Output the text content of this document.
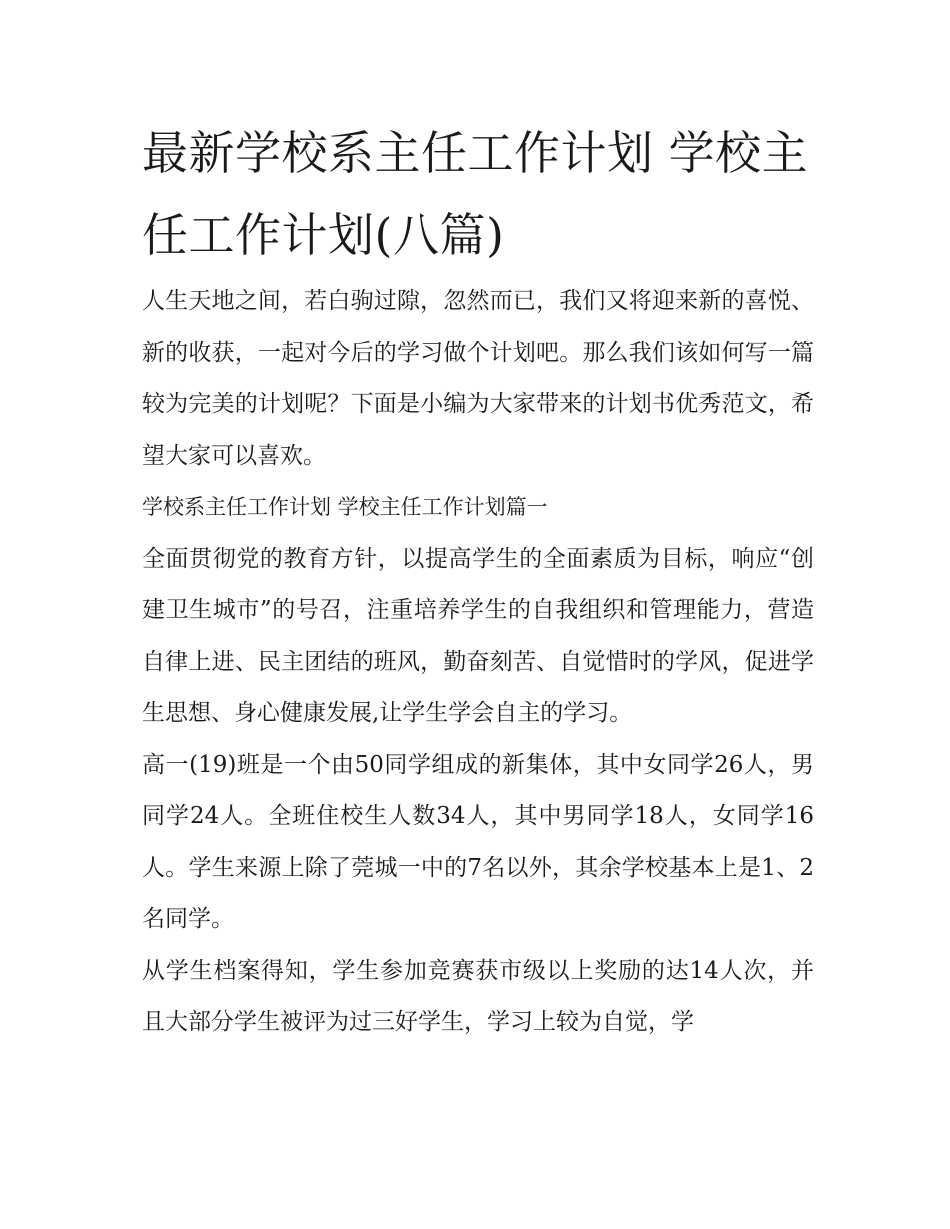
最新学校系主任工作计划 学校主任工作计划(八篇)

人生天地之间，若白驹过隙，忽然而已，我们又将迎来新的喜悦、新的收获，一起对今后的学习做个计划吧。那么我们该如何写一篇较为完美的计划呢？下面是小编为大家带来的计划书优秀范文，希望大家可以喜欢。

学校系主任工作计划 学校主任工作计划篇一

全面贯彻党的教育方针，以提高学生的全面素质为目标，响应“创建卫生城市”的号召，注重培养学生的自我组织和管理能力，营造自律上进、民主团结的班风，勤奋刻苦、自觉惜时的学风，促进学生思想、身心健康发展,让学生学会自主的学习。

高一(19)班是一个由50同学组成的新集体，其中女同学26人，男同学24人。全班住校生人数34人，其中男同学18人，女同学16人。学生来源上除了莞城一中的7名以外，其余学校基本上是1、2名同学。

从学生档案得知，学生参加竞赛获市级以上奖励的达14人次，并且大部分学生被评为过三好学生，学习上较为自觉，学
